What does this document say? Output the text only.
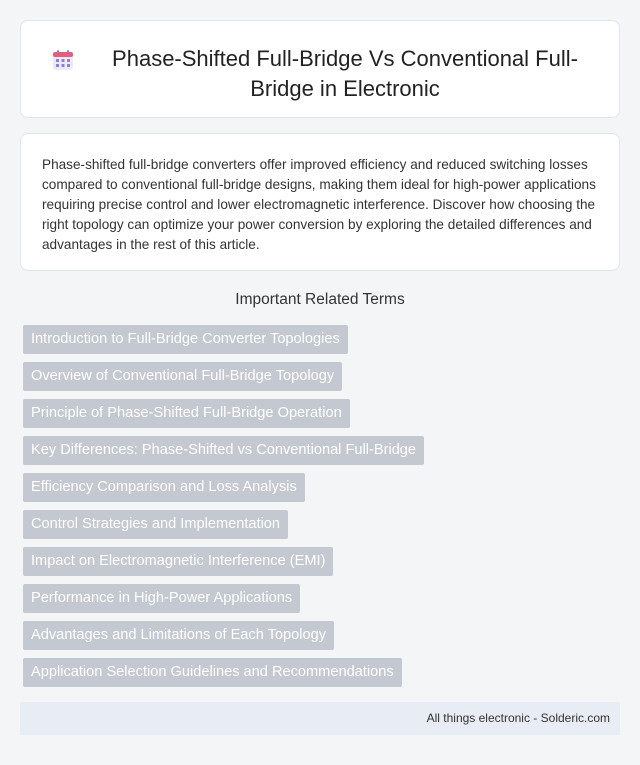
Phase-Shifted Full-Bridge Vs Conventional Full-Bridge in Electronic

Phase-shifted full-bridge converters offer improved efficiency and reduced switching losses compared to conventional full-bridge designs, making them ideal for high-power applications requiring precise control and lower electromagnetic interference. Discover how choosing the right topology can optimize your power conversion by exploring the detailed differences and advantages in the rest of this article.

Important Related Terms
Introduction to Full-Bridge Converter Topologies
Overview of Conventional Full-Bridge Topology
Principle of Phase-Shifted Full-Bridge Operation
Key Differences: Phase-Shifted vs Conventional Full-Bridge
Efficiency Comparison and Loss Analysis
Control Strategies and Implementation
Impact on Electromagnetic Interference (EMI)
Performance in High-Power Applications
Advantages and Limitations of Each Topology
Application Selection Guidelines and Recommendations
All things electronic - Solderic.com
